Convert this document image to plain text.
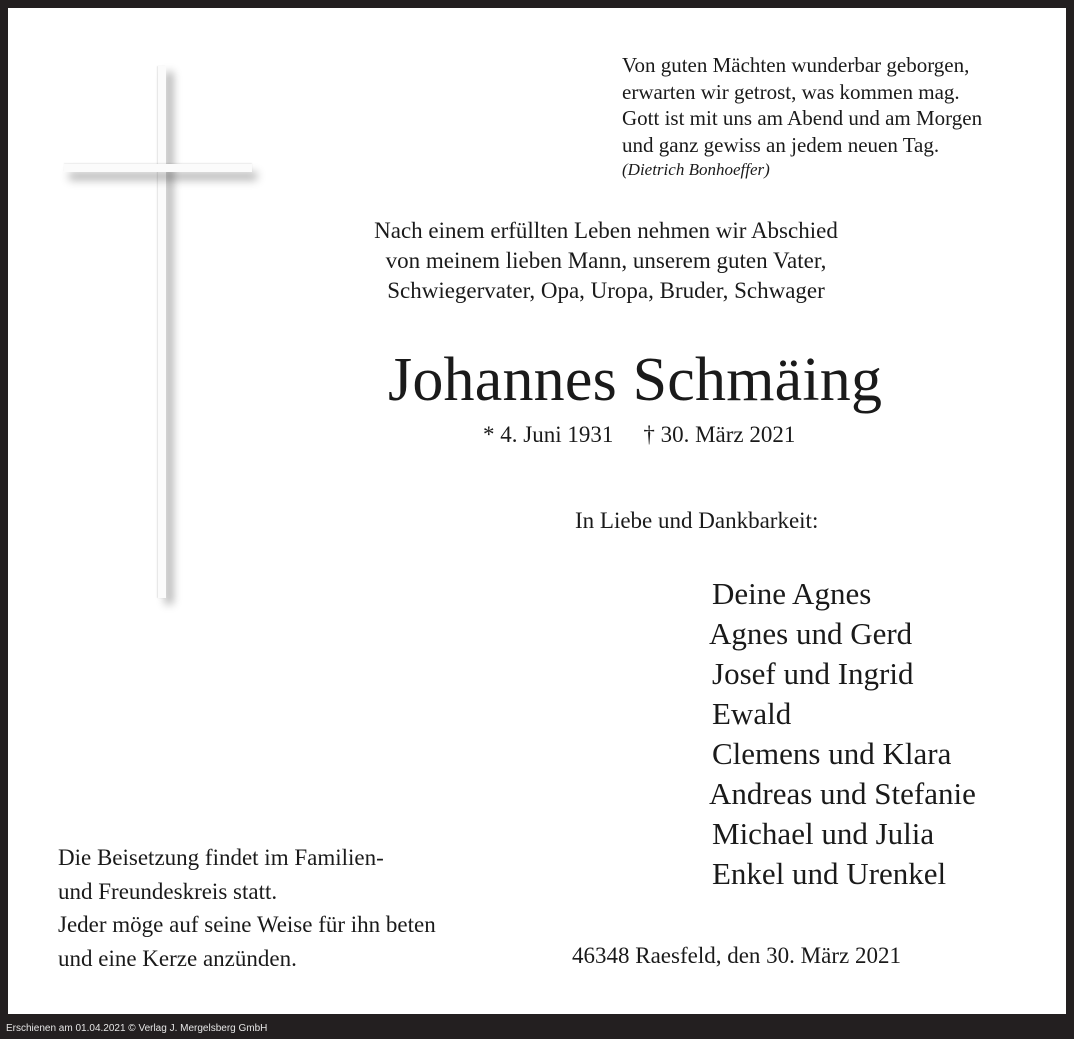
Von guten Mächten wunderbar geborgen,
erwarten wir getrost, was kommen mag.
Gott ist mit uns am Abend und am Morgen
und ganz gewiss an jedem neuen Tag.
(Dietrich Bonhoeffer)
Nach einem erfüllten Leben nehmen wir Abschied
von meinem lieben Mann, unserem guten Vater,
Schwiegervater, Opa, Uropa, Bruder, Schwager
Johannes Schmäing
* 4. Juni 1931 † 30. März 2021
In Liebe und Dankbarkeit:
Deine Agnes
Agnes und Gerd
Josef und Ingrid
Ewald
Clemens und Klara
Andreas und Stefanie
Michael und Julia
Enkel und Urenkel
Die Beisetzung findet im Familien-
und Freundeskreis statt.
Jeder möge auf seine Weise für ihn beten
und eine Kerze anzünden.	46348 Raesfeld, den 30. März 2021
Erschienen am 01.04.2021 © Verlag J. Mergelsberg GmbH
